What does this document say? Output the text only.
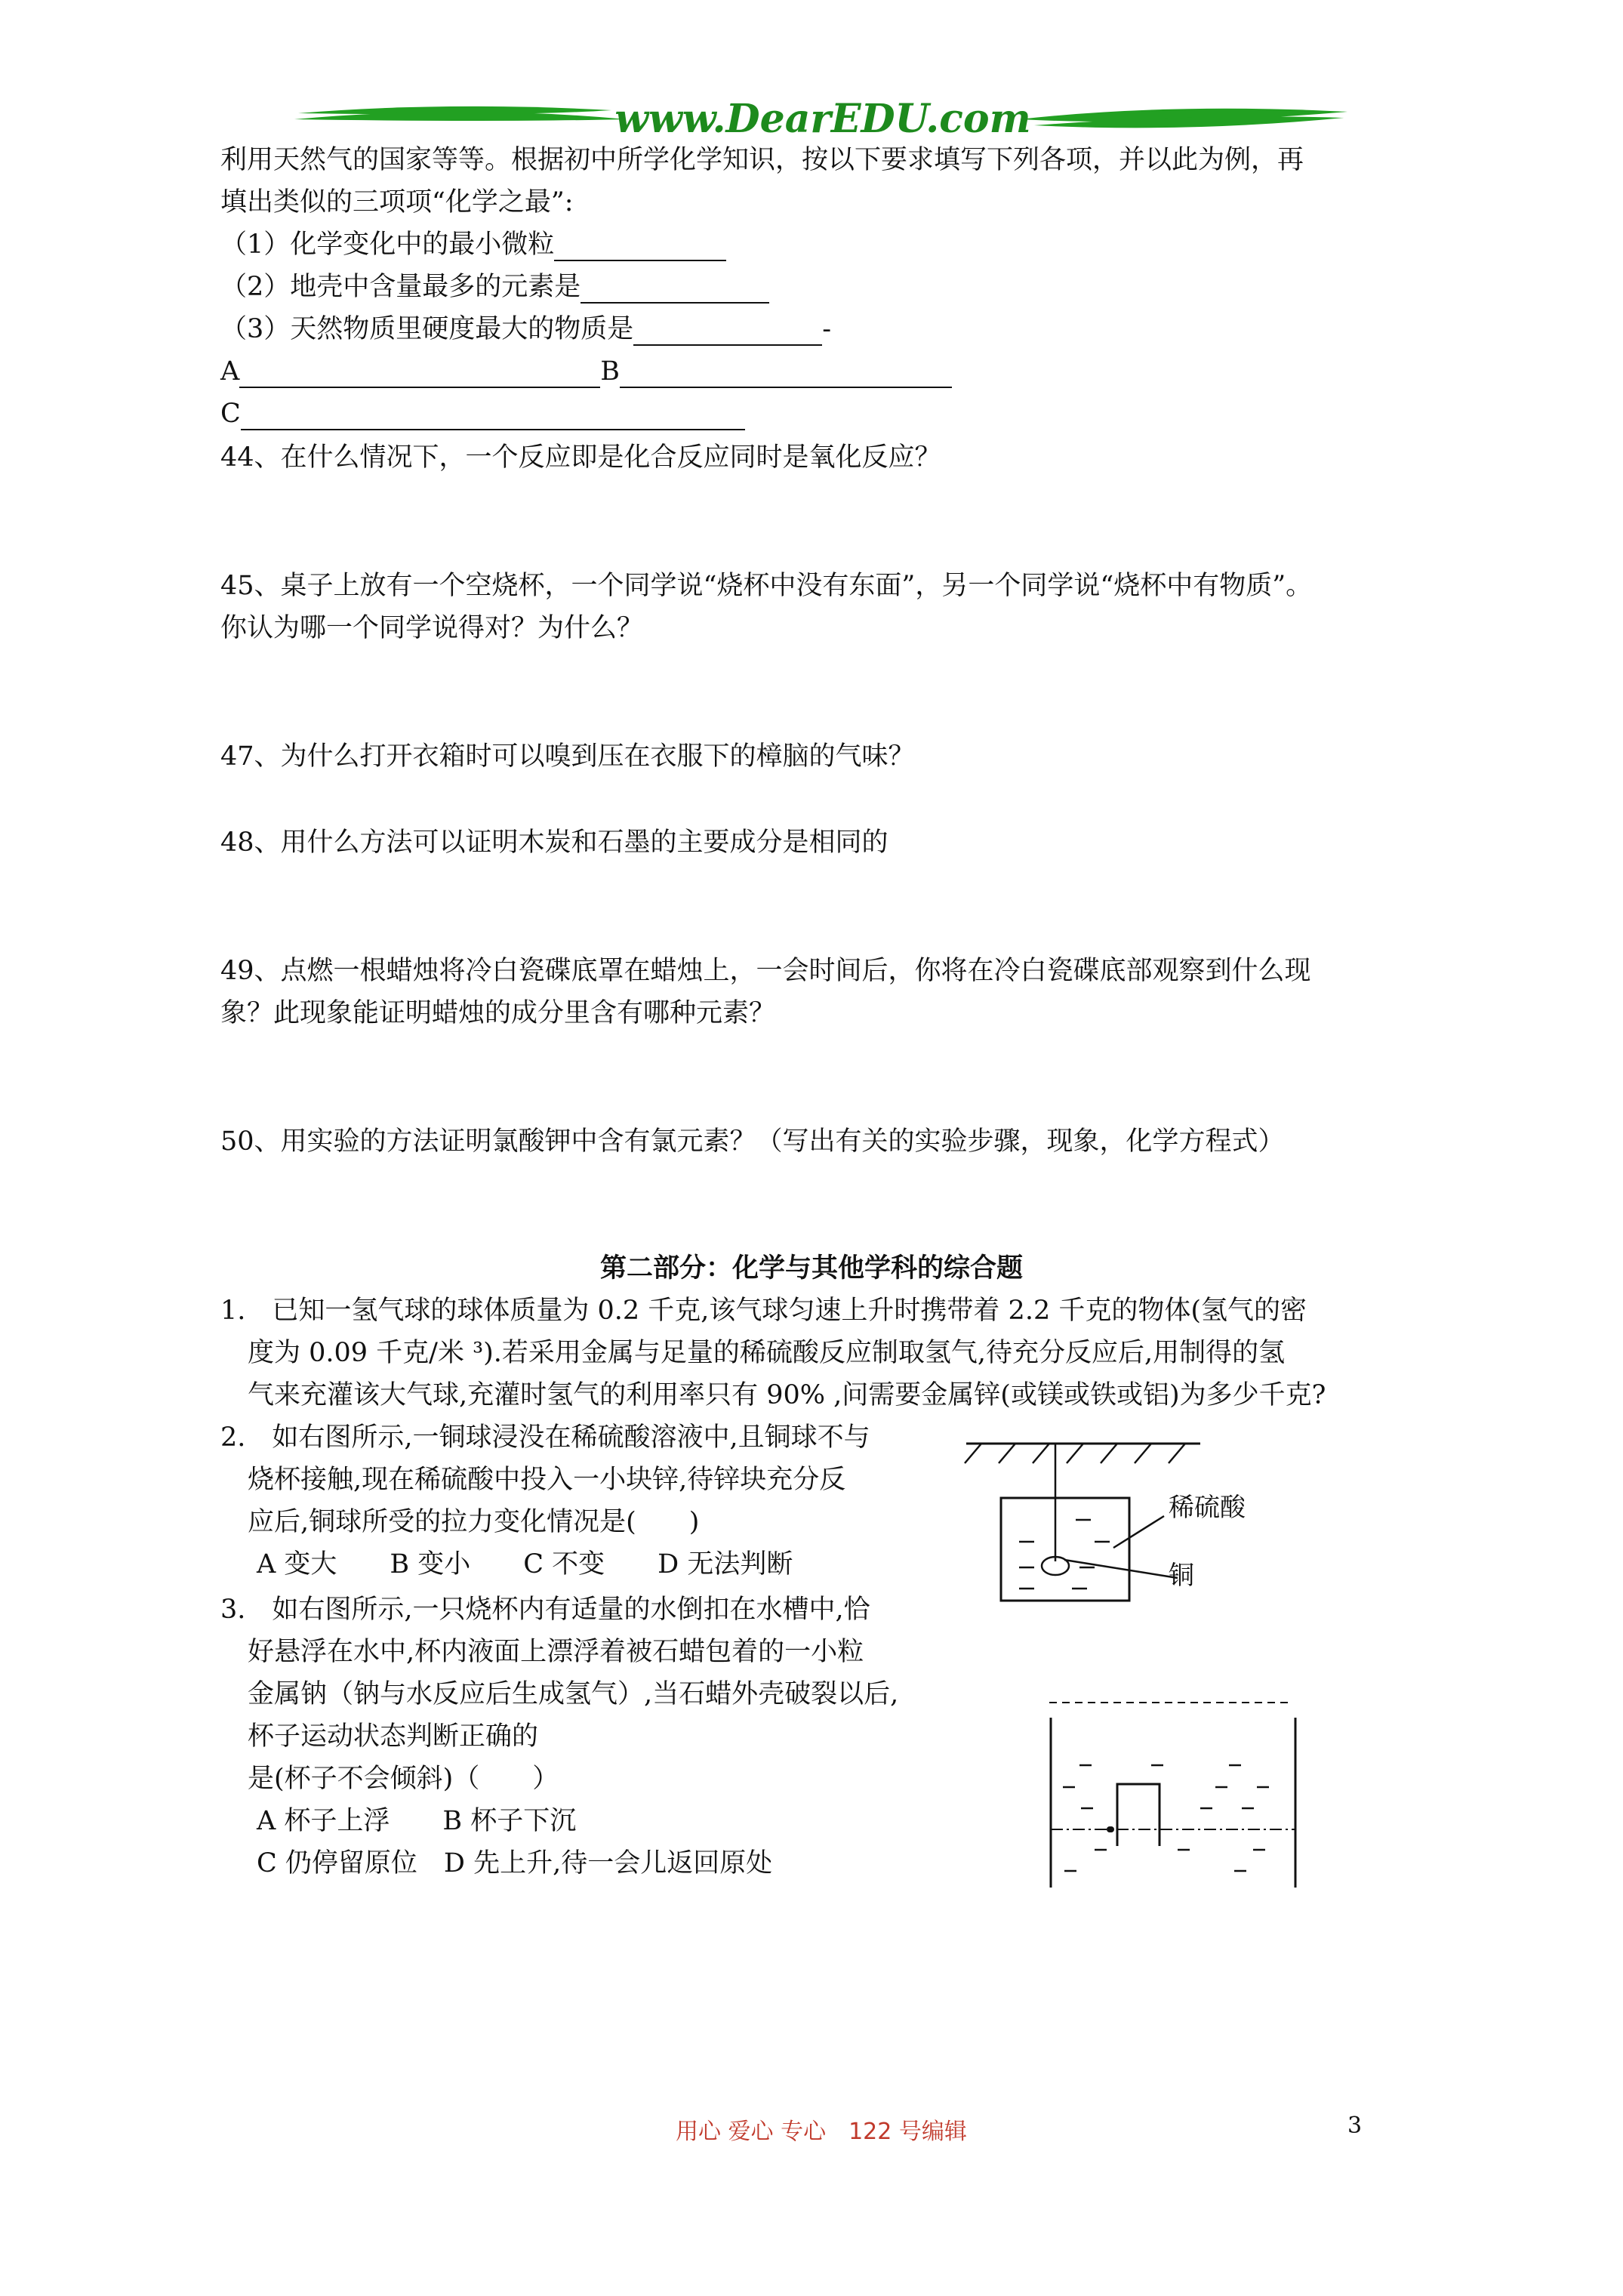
www.DearEDU.com
利用天然气的国家等等。根据初中所学化学知识，按以下要求填写下列各项，并以此为例，再
填出类似的三项项“化学之最”:
（1）化学变化中的最小微粒
（2）地壳中含量最多的元素是
（3）天然物质里硬度最大的物质是	-
A	B
C
44、在什么情况下，一个反应即是化合反应同时是氧化反应？
45、桌子上放有一个空烧杯，一个同学说“烧杯中没有东面”，另一个同学说“烧杯中有物质”。
你认为哪一个同学说得对？为什么？
47、为什么打开衣箱时可以嗅到压在衣服下的樟脑的气味？
48、用什么方法可以证明木炭和石墨的主要成分是相同的
49、点燃一根蜡烛将冷白瓷碟底罩在蜡烛上，一会时间后，你将在冷白瓷碟底部观察到什么现
象？此现象能证明蜡烛的成分里含有哪种元素？
50、用实验的方法证明氯酸钾中含有氯元素？（写出有关的实验步骤，现象，化学方程式）
第二部分：化学与其他学科的综合题
1.　已知一氢气球的球体质量为 0.2 千克,该气球匀速上升时携带着 2.2 千克的物体(氢气的密
度为 0.09 千克/米 ³).若采用金属与足量的稀硫酸反应制取氢气,待充分反应后,用制得的氢
气来充灌该大气球,充灌时氢气的利用率只有 90% ,问需要金属锌(或镁或铁或铝)为多少千克?
2.　如右图所示,一铜球浸没在稀硫酸溶液中,且铜球不与
烧杯接触,现在稀硫酸中投入一小块锌,待锌块充分反
应后,铜球所受的拉力变化情况是(　　)
A 变大　　B 变小　　C 不变　　D 无法判断
稀硫酸
铜
3.　如右图所示,一只烧杯内有适量的水倒扣在水槽中,恰
好悬浮在水中,杯内液面上漂浮着被石蜡包着的一小粒
金属钠（钠与水反应后生成氢气）,当石蜡外壳破裂以后,
杯子运动状态判断正确的
是(杯子不会倾斜)（　　）
A 杯子上浮　　B 杯子下沉
C 仍停留原位　D 先上升,待一会儿返回原处
用心 爱心 专心　122 号编辑	3
